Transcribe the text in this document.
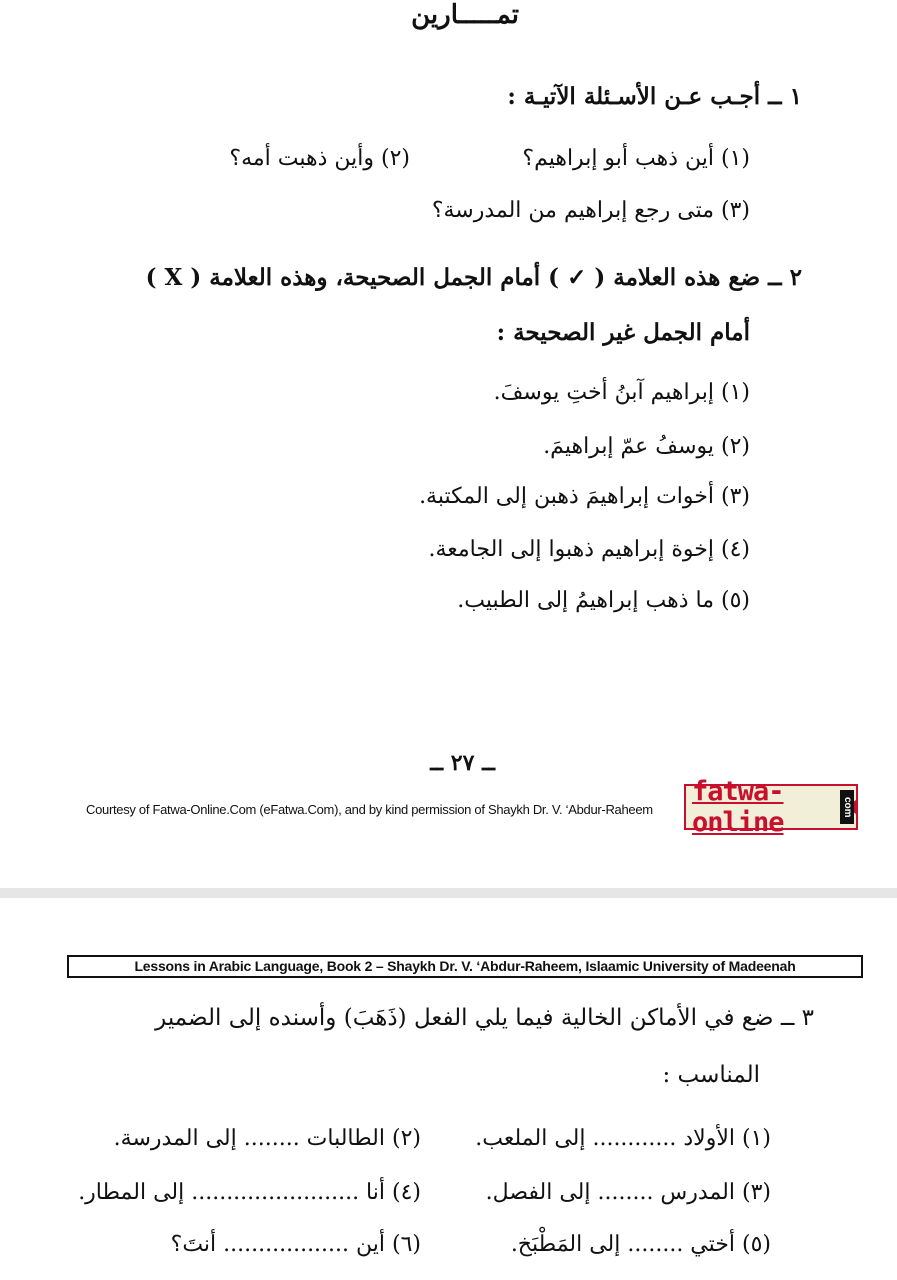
تمـــــارين
١ ــ أجـب عـن الأسـئلة الآتيـة :
(١) أين ذهب أبو إبراهيم؟
(٢) وأين ذهبت أمه؟
(٣) متى رجع إبراهيم من المدرسة؟
٢ ــ ضع هذه العلامة ( ✓ ) أمام الجمل الصحيحة، وهذه العلامة ( X )
أمام الجمل غير الصحيحة :
(١) إبراهيم آبنُ أختِ يوسفَ.
(٢) يوسفُ عمّ إبراهيمَ.
(٣) أخوات إبراهيمَ ذهبن إلى المكتبة.
(٤) إخوة إبراهيم ذهبوا إلى الجامعة.
(٥) ما ذهب إبراهيمُ إلى الطبيب.
ــ ٢٧ ــ
Courtesy of Fatwa-Online.Com (eFatwa.Com), and by kind permission of Shaykh Dr. V. ‘Abdur-Raheem
fatwa-online	com
Lessons in Arabic Language, Book 2 – Shaykh Dr. V. ‘Abdur-Raheem, Islaamic University of Madeenah
٣ ــ ضع في الأماكن الخالية فيما يلي الفعل (ذَهَبَ) وأسنده إلى الضمير
المناسب :
(١) الأولاد ............ إلى الملعب.
(٢) الطالبات ........ إلى المدرسة.
(٣) المدرس ........ إلى الفصل.
(٤) أنا ........................ إلى المطار.
(٥) أختي ........ إلى المَطْبَخ.
(٦) أين .................. أنتَ؟
